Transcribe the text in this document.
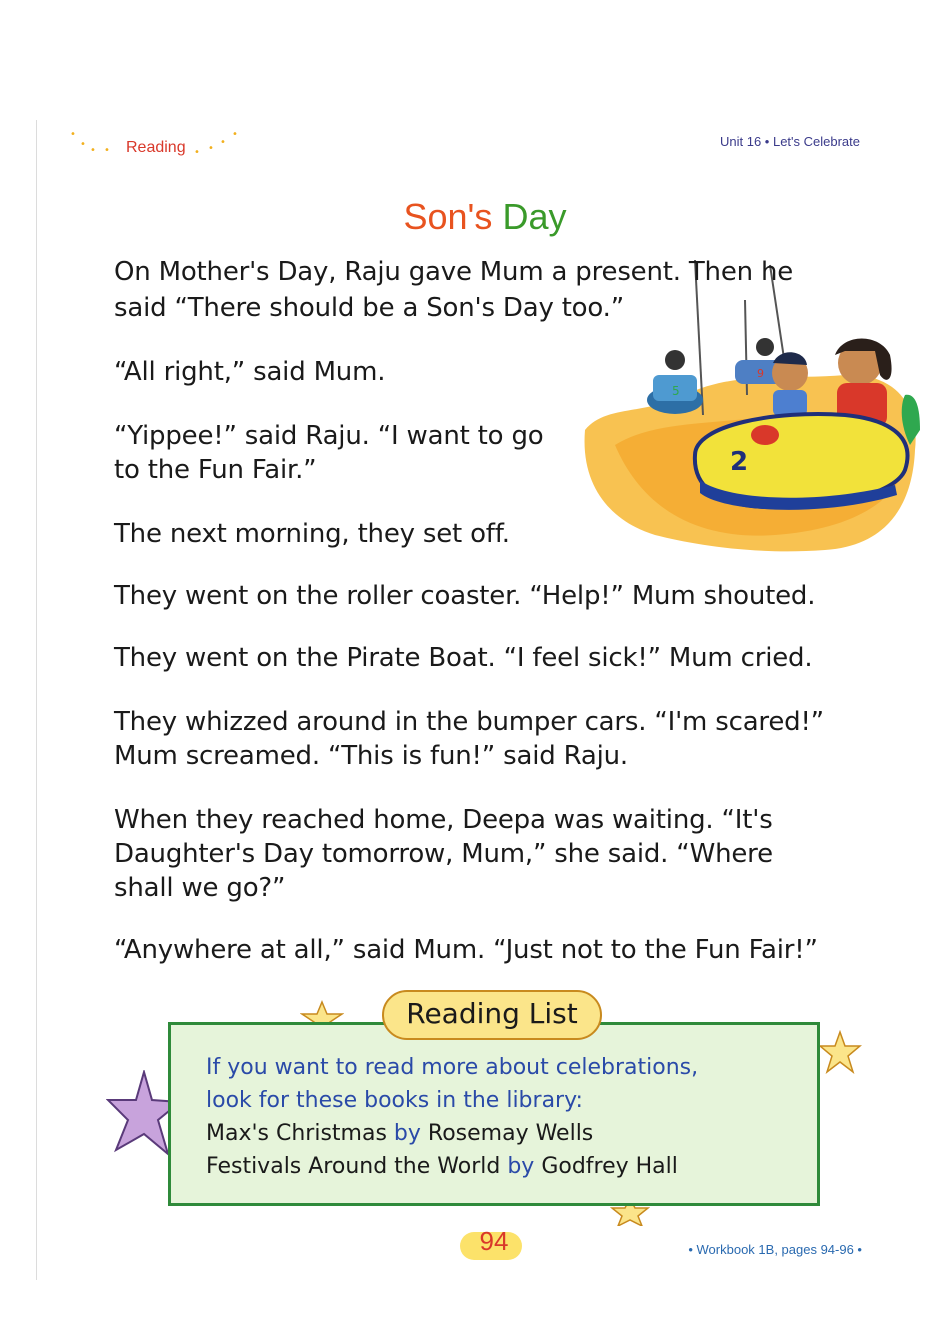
•
•
• •	• •
•
•
Reading	Unit 16 • Let's Celebrate
Son's Day
5
9
2

On Mother's Day, Raju gave Mum a present. Then he

said “There should be a Son's Day too.”

“All right,” said Mum.

“Yippee!” said Raju. “I want to go

to the Fun Fair.”

The next morning, they set off.

They went on the roller coaster. “Help!” Mum shouted.

They went on the Pirate Boat. “I feel sick!” Mum cried.

They whizzed around in the bumper cars. “I'm scared!”

Mum screamed. “This is fun!” said Raju.

When they reached home, Deepa was waiting. “It's

Daughter's Day tomorrow, Mum,” she said. “Where

shall we go?”

“Anywhere at all,” said Mum. “Just not to the Fun Fair!”

Reading List

If you want to read more about celebrations,

look for these books in the library:

Max's Christmas by Rosemay Wells

Festivals Around the World by Godfrey Hall

94	• Workbook 1B, pages 94-96 •
